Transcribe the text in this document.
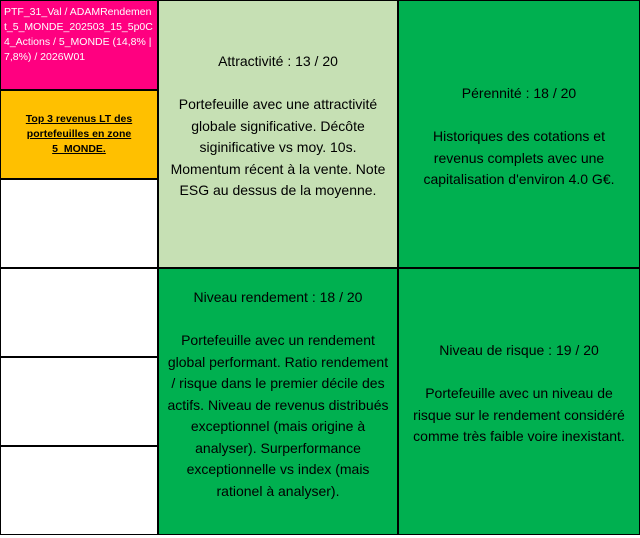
PTF_31_Val / ADAMRendement_5_MONDE_202503_15_5p0C4_Actions / 5_MONDE (14,8% | 7,8%) / 2026W01
Top 3 revenus LT des portefeuilles en zone 5_MONDE.

Attractivité : 13 / 20

Portefeuille avec une attractivité globale significative. Décôte siginificative vs moy. 10s. Momentum récent à la vente. Note ESG au dessus de la moyenne.

Pérennité : 18 / 20

Historiques des cotations et revenus complets avec une capitalisation d'environ 4.0 G€.

Niveau rendement : 18 / 20

Portefeuille avec un rendement global performant. Ratio rendement / risque dans le premier décile des actifs. Niveau de revenus distribués exceptionnel (mais origine à analyser). Surperformance exceptionnelle vs index (mais rationel à analyser).

Niveau de risque : 19 / 20

Portefeuille avec un niveau de risque sur le rendement considéré comme très faible voire inexistant.
